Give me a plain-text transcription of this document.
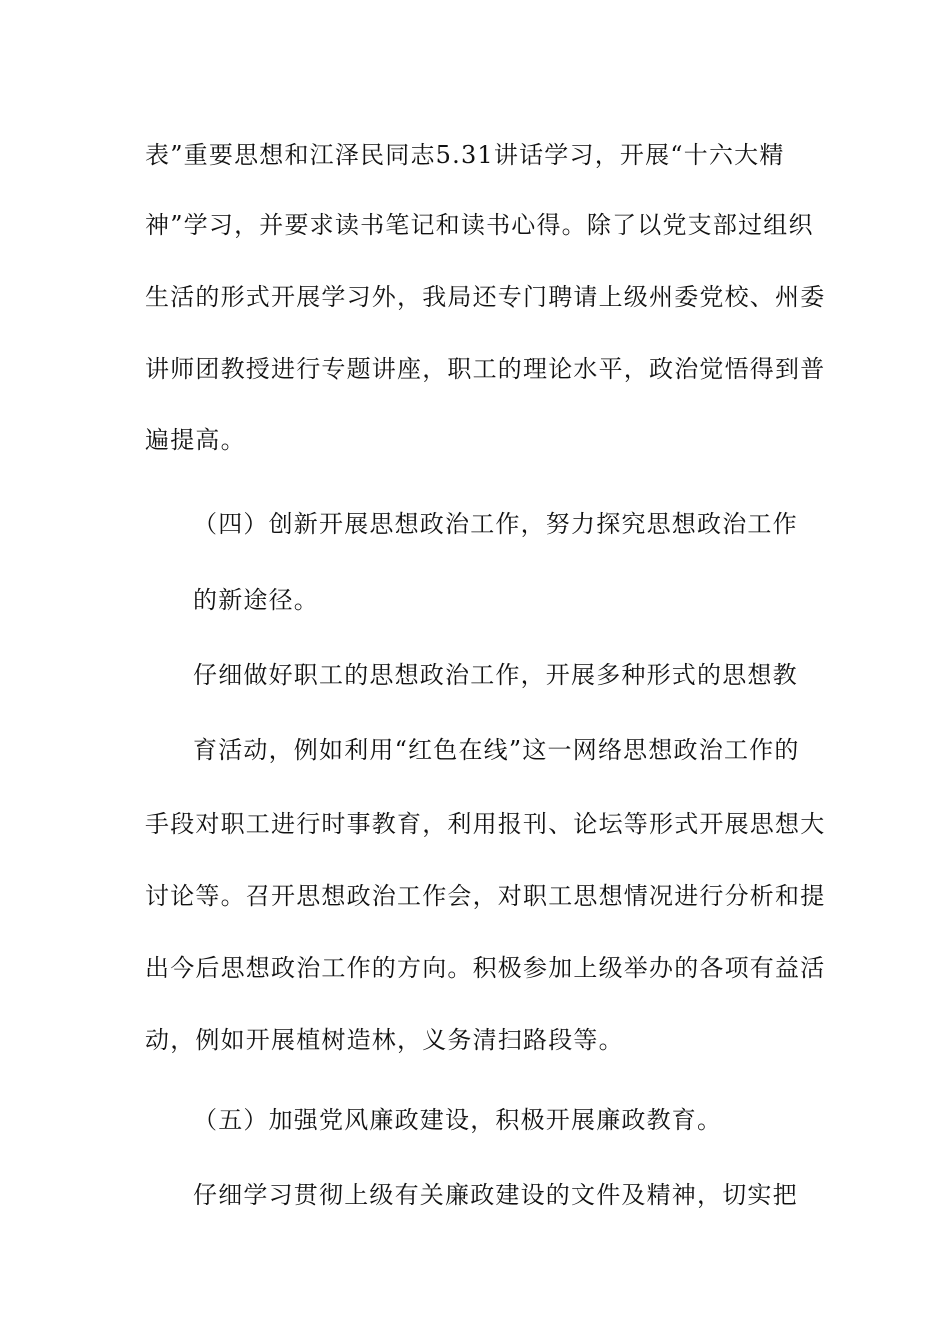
表”重要思想和江泽民同志5.31讲话学习，开展“十六大精
神”学习，并要求读书笔记和读书心得。除了以党支部过组织
生活的形式开展学习外，我局还专门聘请上级州委党校、州委
讲师团教授进行专题讲座，职工的理论水平，政治觉悟得到普
遍提高。
（四）创新开展思想政治工作，努力探究思想政治工作
的新途径。
仔细做好职工的思想政治工作，开展多种形式的思想教
育活动，例如利用“红色在线”这一网络思想政治工作的
手段对职工进行时事教育，利用报刊、论坛等形式开展思想大
讨论等。召开思想政治工作会，对职工思想情况进行分析和提
出今后思想政治工作的方向。积极参加上级举办的各项有益活
动，例如开展植树造林，义务清扫路段等。
（五）加强党风廉政建设，积极开展廉政教育。
仔细学习贯彻上级有关廉政建设的文件及精神，切实把
